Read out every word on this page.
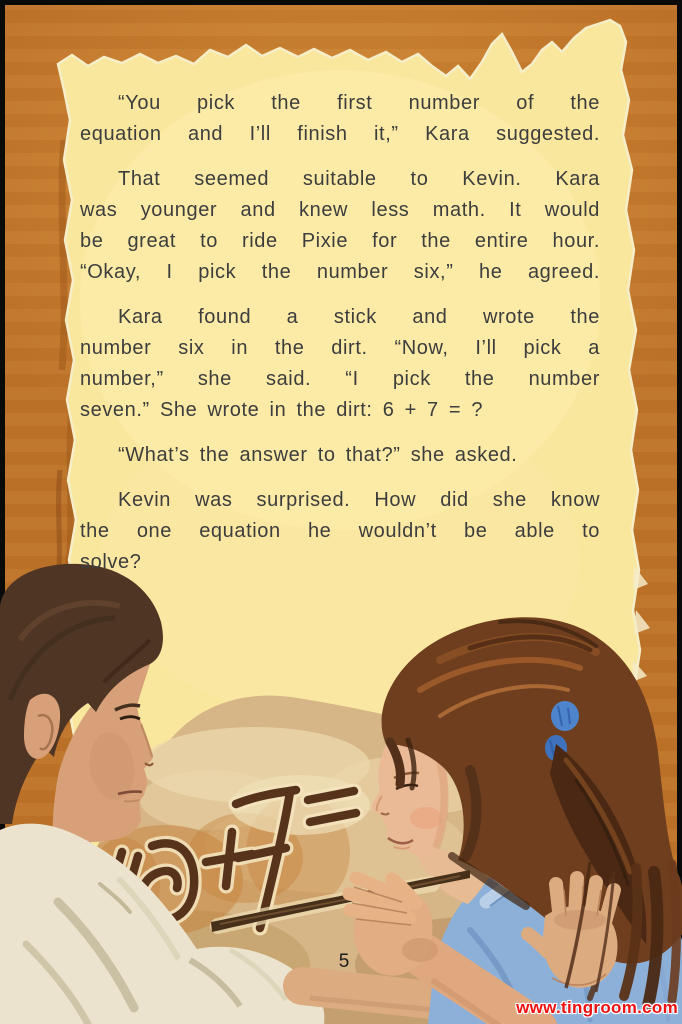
“You pick the first number of the
equation and I’ll finish it,” Kara suggested.
That seemed suitable to Kevin. Kara
was younger and knew less math. It would
be great to ride Pixie for the entire hour.
“Okay, I pick the number six,” he agreed.
Kara found a stick and wrote the
number six in the dirt. “Now, I’ll pick a
number,” she said. “I pick the number
seven.” She wrote in the dirt: 6 + 7 = ?
“What’s the answer to that?” she asked.
Kevin was surprised. How did she know
the one equation he wouldn’t be able to
solve?
5
www.tingroom.com
